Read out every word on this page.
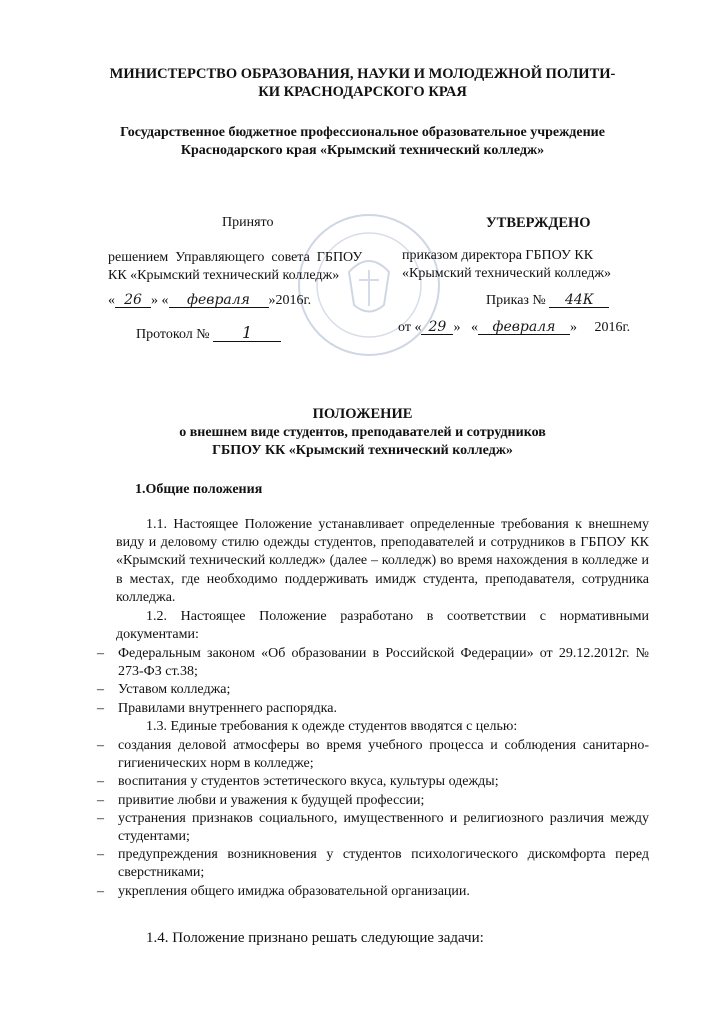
МИНИСТЕРСТВО ОБРАЗОВАНИЯ, НАУКИ И МОЛОДЕЖНОЙ ПОЛИТИ-
КИ КРАСНОДАРСКОГО КРАЯ
Государственное бюджетное профессиональное образовательное учреждение
Краснодарского края «Крымский технический колледж»
Принято
решением  Управляющего  совета  ГБПОУ
КК «Крымский технический колледж»
« 26 » « февраля »2016г.
Протокол № 1
УТВЕРЖДЕНО
приказом директора ГБПОУ КК
«Крымский технический колледж»
Приказ № 44К
от « 29 »   « февраля »     2016г.
ПОЛОЖЕНИЕ
о внешнем виде студентов, преподавателей и сотрудников
ГБПОУ КК «Крымский технический колледж»
1.Общие положения
1.1. Настоящее Положение устанавливает определенные требования к внешнему виду и деловому стилю одежды студентов, преподавателей и сотрудников в ГБПОУ КК «Крымский технический колледж» (далее – колледж) во время нахождения в колледже и в местах, где необходимо поддерживать имидж студента, преподавателя, сотрудника колледжа.
1.2. Настоящее Положение разработано в соответствии с нормативными документами:
– Федеральным законом «Об образовании в Российской Федерации» от 29.12.2012г. № 273-ФЗ ст.38;
– Уставом колледжа;
– Правилами внутреннего распорядка.
1.3. Единые требования к одежде студентов вводятся с целью:
– создания деловой атмосферы во время учебного процесса и соблюдения санитарно-гигиенических норм в колледже;
– воспитания у студентов эстетического вкуса, культуры одежды;
– привитие любви и уважения к будущей профессии;
– устранения признаков социального, имущественного и религиозного различия между студентами;
– предупреждения возникновения у студентов психологического дискомфорта перед сверстниками;
– укрепления общего имиджа образовательной организации.
1.4. Положение признано решать следующие задачи:
